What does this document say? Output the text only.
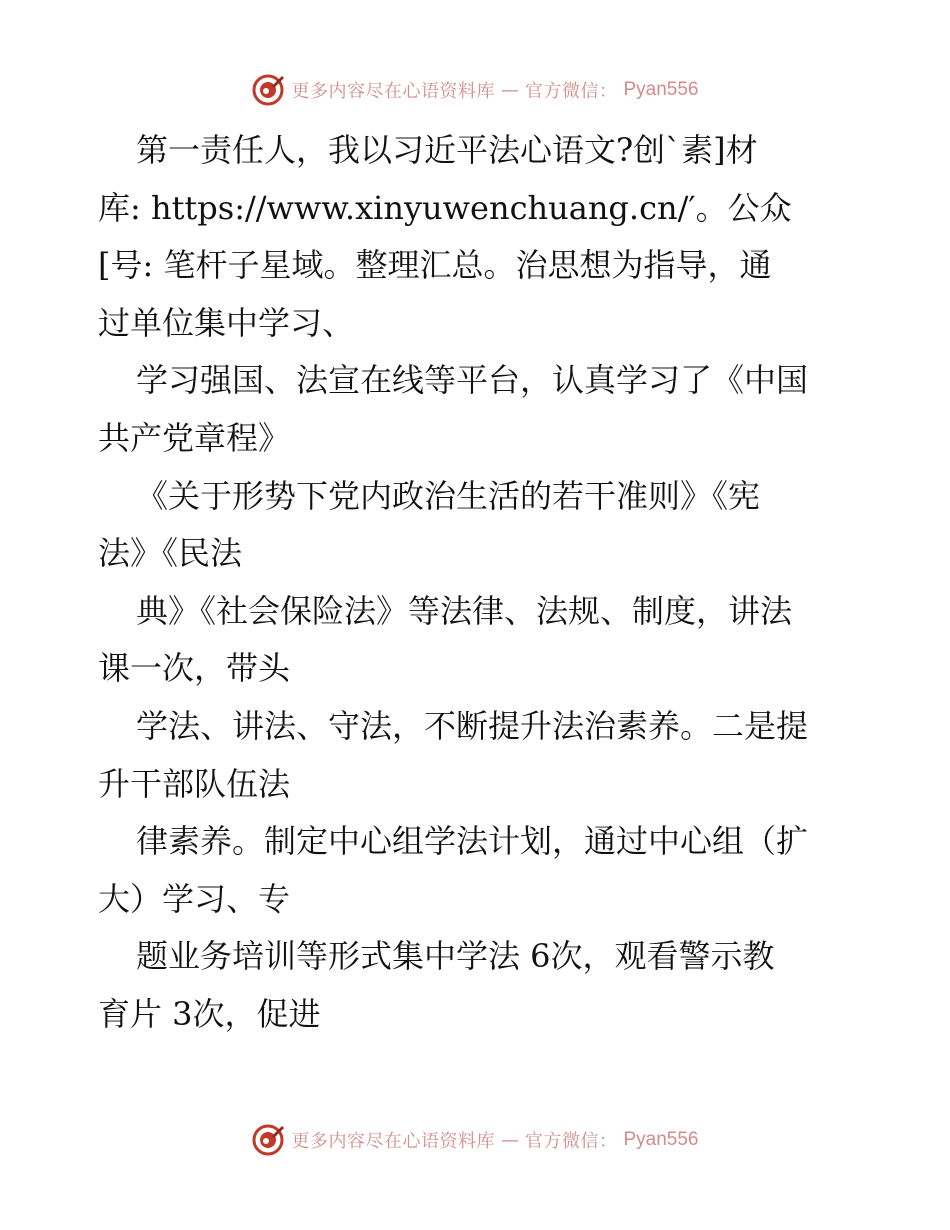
更多内容尽在心语资料库 — 官方微信： Pyan556
第一责任人，我以习近平法心语文?创`素]材
库: https://www.xinyuwenchuang.cn/′。公众
[号: 笔杆子星域。整理汇总。治思想为指导，通
过单位集中学习、
学习强国、法宣在线等平台，认真学习了《中国
共产党章程》
《关于形势下党内政治生活的若干准则》《宪
法》《民法
典》《社会保险法》等法律、法规、制度，讲法
课一次，带头
学法、讲法、守法，不断提升法治素养。二是提
升干部队伍法
律素养。制定中心组学法计划，通过中心组（扩
大）学习、专
题业务培训等形式集中学法 6次，观看警示教
育片 3次，促进
更多内容尽在心语资料库 — 官方微信： Pyan556
